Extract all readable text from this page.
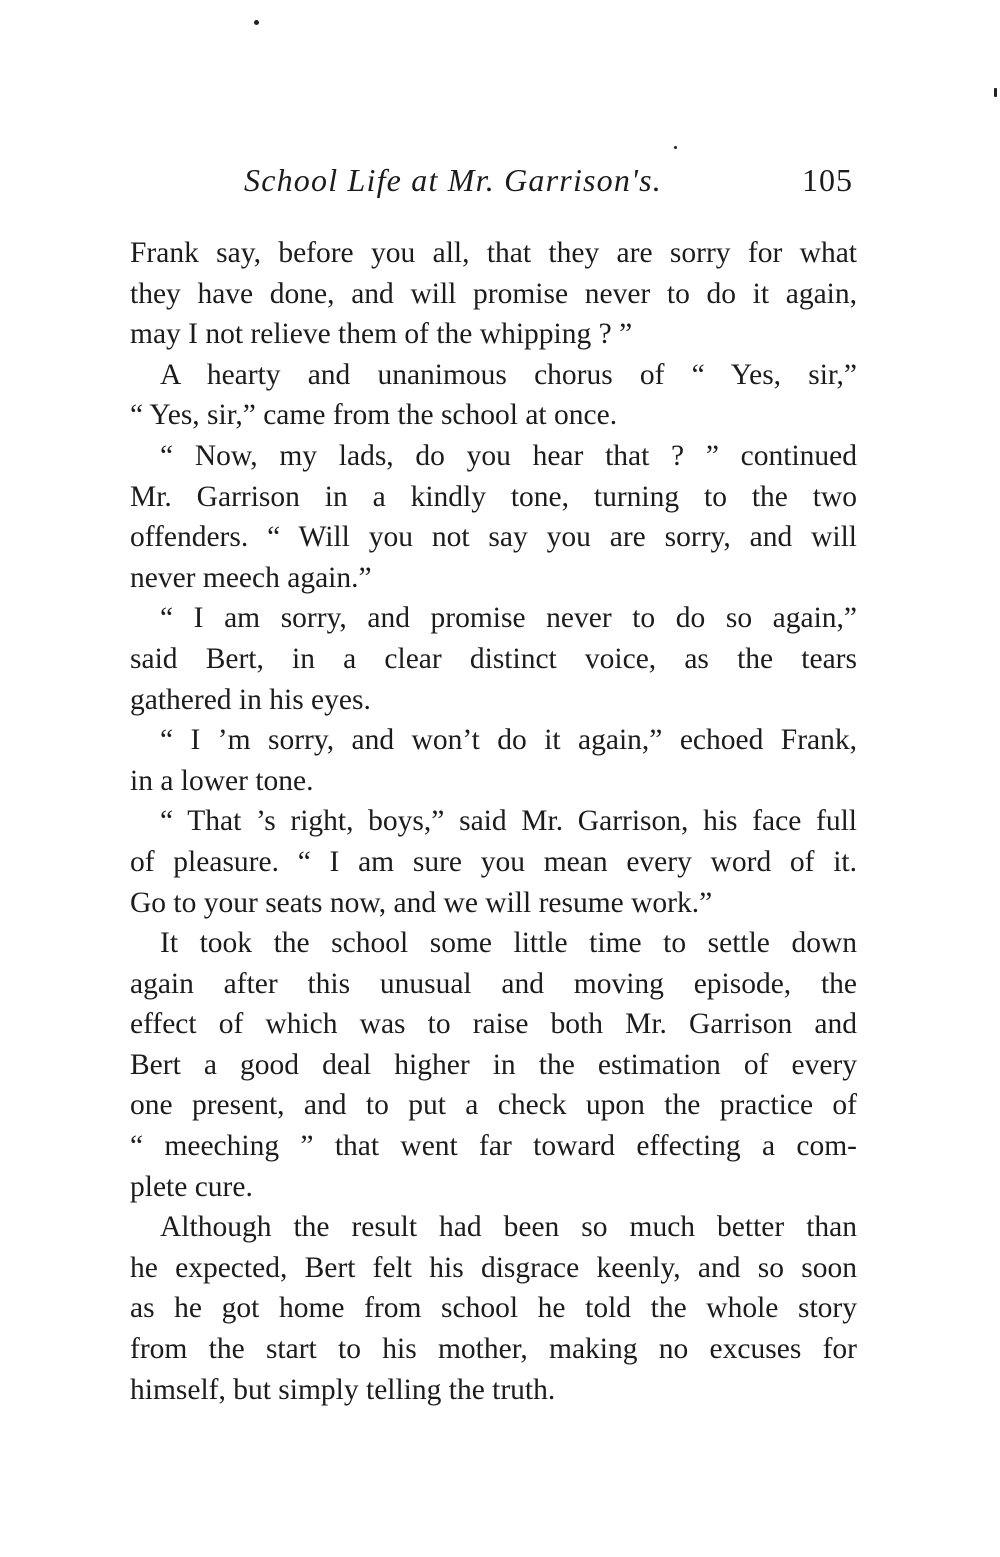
School Life at Mr. Garrison's.	105

Frank say, before you all, that they are sorry for what
they have done, and will promise never to do it again,
may I not relieve them of the whipping ? ”

A hearty and unanimous chorus of “ Yes, sir,”
“ Yes, sir,” came from the school at once.

“ Now, my lads, do you hear that ? ” continued
Mr. Garrison in a kindly tone, turning to the two
offenders. “ Will you not say you are sorry, and will
never meech again.”

“ I am sorry, and promise never to do so again,”
said Bert, in a clear distinct voice, as the tears
gathered in his eyes.

“ I ’m sorry, and won’t do it again,” echoed Frank,
in a lower tone.

“ That ’s right, boys,” said Mr. Garrison, his face full
of pleasure. “ I am sure you mean every word of it.
Go to your seats now, and we will resume work.”

It took the school some little time to settle down
again after this unusual and moving episode, the
effect of which was to raise both Mr. Garrison and
Bert a good deal higher in the estimation of every
one present, and to put a check upon the practice of
“ meeching ” that went far toward effecting a com-
plete cure.

Although the result had been so much better than
he expected, Bert felt his disgrace keenly, and so soon
as he got home from school he told the whole story
from the start to his mother, making no excuses for
himself, but simply telling the truth.
